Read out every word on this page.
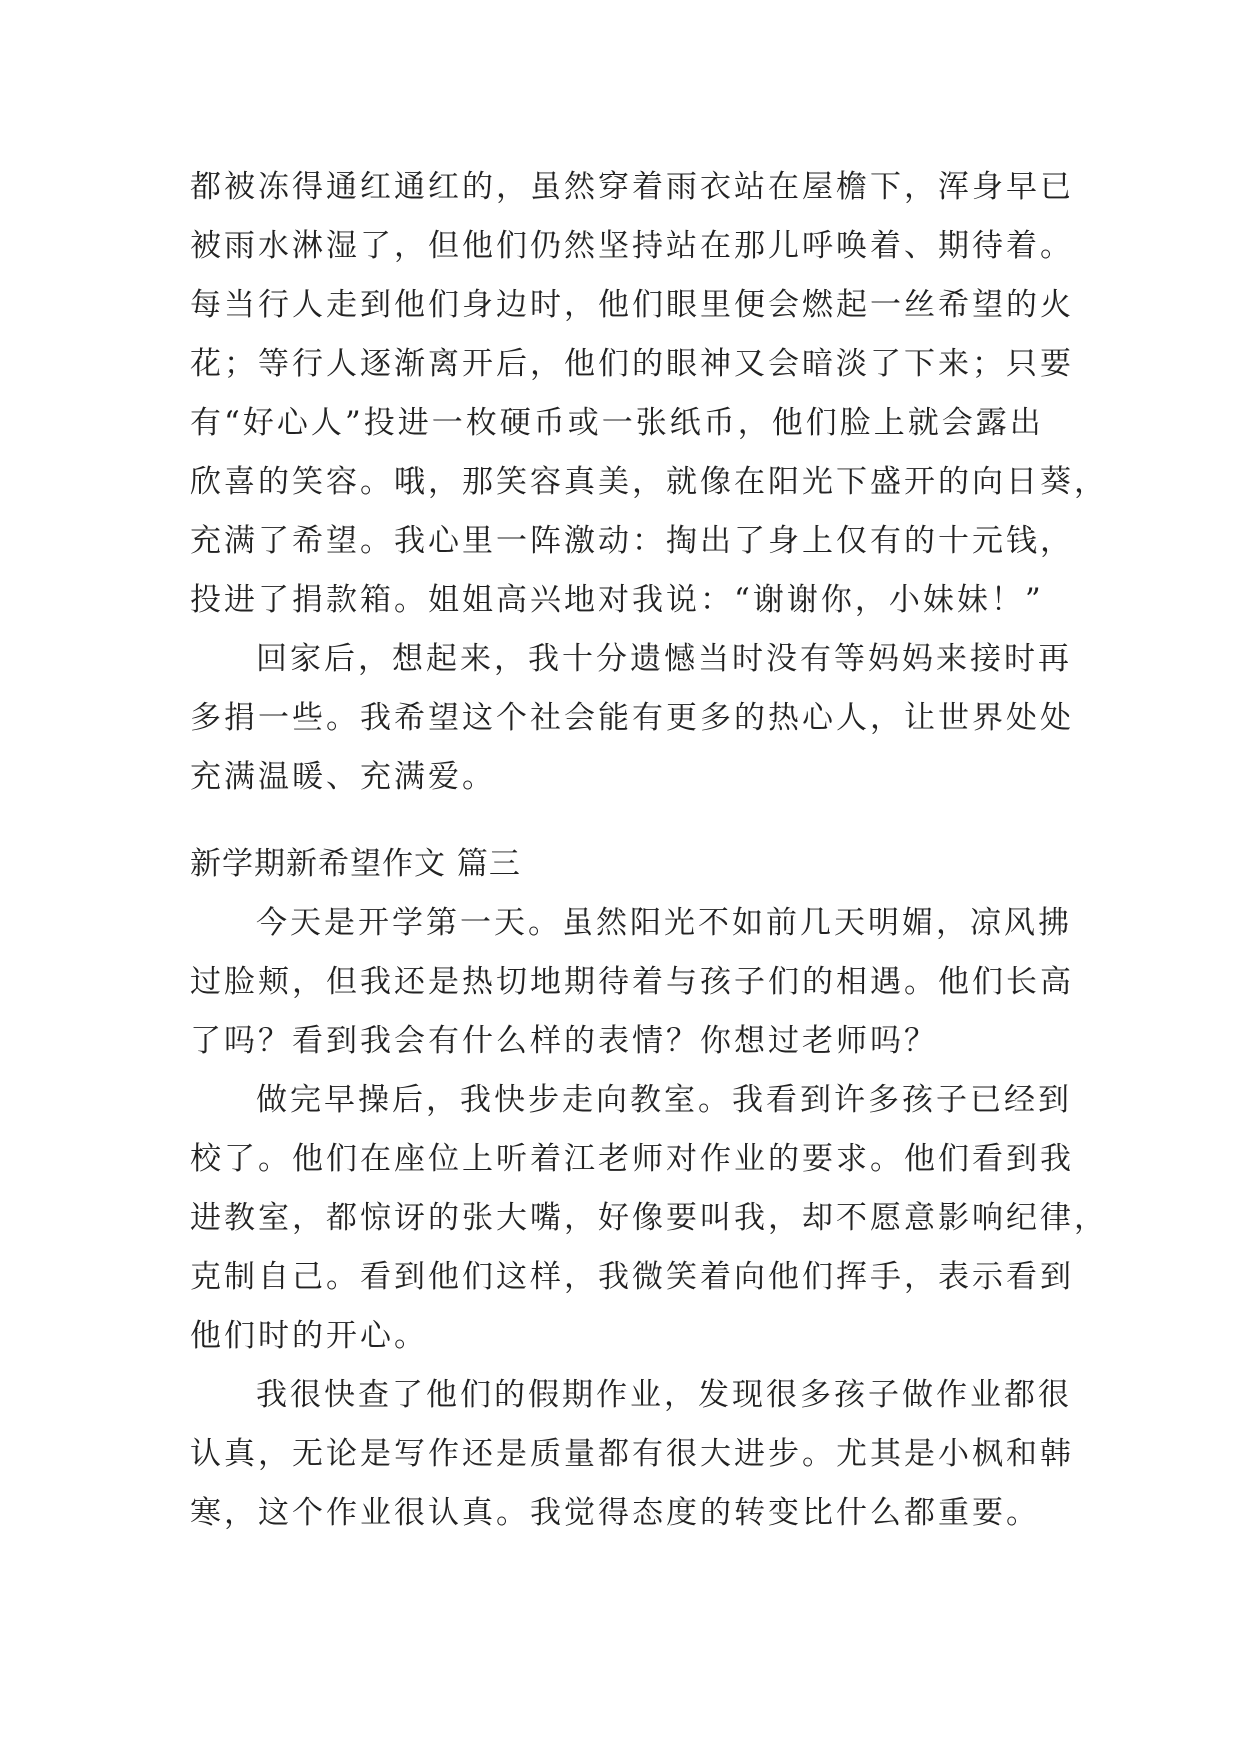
都被冻得通红通红的，虽然穿着雨衣站在屋檐下，浑身早已
被雨水淋湿了，但他们仍然坚持站在那儿呼唤着、期待着。
每当行人走到他们身边时，他们眼里便会燃起一丝希望的火
花；等行人逐渐离开后，他们的眼神又会暗淡了下来；只要
有“好心人”投进一枚硬币或一张纸币，他们脸上就会露出
欣喜的笑容。哦，那笑容真美，就像在阳光下盛开的向日葵，
充满了希望。我心里一阵激动：掏出了身上仅有的十元钱，
投进了捐款箱。姐姐高兴地对我说：“谢谢你，小妹妹！”
回家后，想起来，我十分遗憾当时没有等妈妈来接时再
多捐一些。我希望这个社会能有更多的热心人，让世界处处
充满温暖、充满爱。
新学期新希望作文 篇三
今天是开学第一天。虽然阳光不如前几天明媚，凉风拂
过脸颊，但我还是热切地期待着与孩子们的相遇。他们长高
了吗？看到我会有什么样的表情？你想过老师吗？
做完早操后，我快步走向教室。我看到许多孩子已经到
校了。他们在座位上听着江老师对作业的要求。他们看到我
进教室，都惊讶的张大嘴，好像要叫我，却不愿意影响纪律，
克制自己。看到他们这样，我微笑着向他们挥手，表示看到
他们时的开心。
我很快查了他们的假期作业，发现很多孩子做作业都很
认真，无论是写作还是质量都有很大进步。尤其是小枫和韩
寒，这个作业很认真。我觉得态度的转变比什么都重要。
